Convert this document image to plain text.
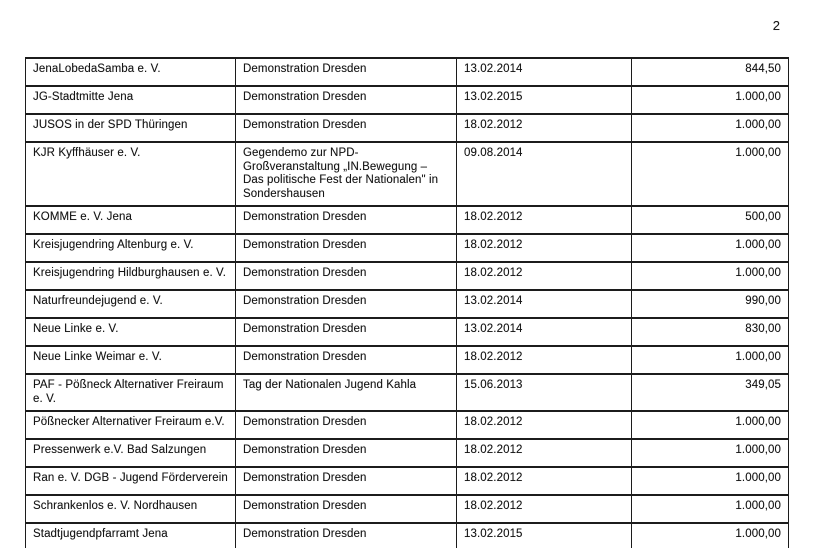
2
JenaLobedaSamba e. V.	Demonstration Dresden	13.02.2014	844,50
JG-Stadtmitte Jena	Demonstration Dresden	13.02.2015	1.000,00
JUSOS in der SPD Thüringen	Demonstration Dresden	18.02.2012	1.000,00
KJR Kyffhäuser e. V.	Gegendemo zur NPD-Großveranstaltung „IN.Bewegung – Das politische Fest der Nationalen" in Sondershausen	09.08.2014	1.000,00
KOMME e. V. Jena	Demonstration Dresden	18.02.2012	500,00
Kreisjugendring Altenburg e. V.	Demonstration Dresden	18.02.2012	1.000,00
Kreisjugendring Hildburghausen e. V.	Demonstration Dresden	18.02.2012	1.000,00
Naturfreundejugend e. V.	Demonstration Dresden	13.02.2014	990,00
Neue Linke e. V.	Demonstration Dresden	13.02.2014	830,00
Neue Linke Weimar e. V.	Demonstration Dresden	18.02.2012	1.000,00
PAF - Pößneck Alternativer Freiraum e. V.	Tag der Nationalen Jugend Kahla	15.06.2013	349,05
Pößnecker Alternativer Freiraum e.V.	Demonstration Dresden	18.02.2012	1.000,00
Pressenwerk e.V. Bad Salzungen	Demonstration Dresden	18.02.2012	1.000,00
Ran e. V. DGB - Jugend Förderverein	Demonstration Dresden	18.02.2012	1.000,00
Schrankenlos e. V. Nordhausen	Demonstration Dresden	18.02.2012	1.000,00
Stadtjugendpfarramt Jena	Demonstration Dresden	13.02.2015	1.000,00
